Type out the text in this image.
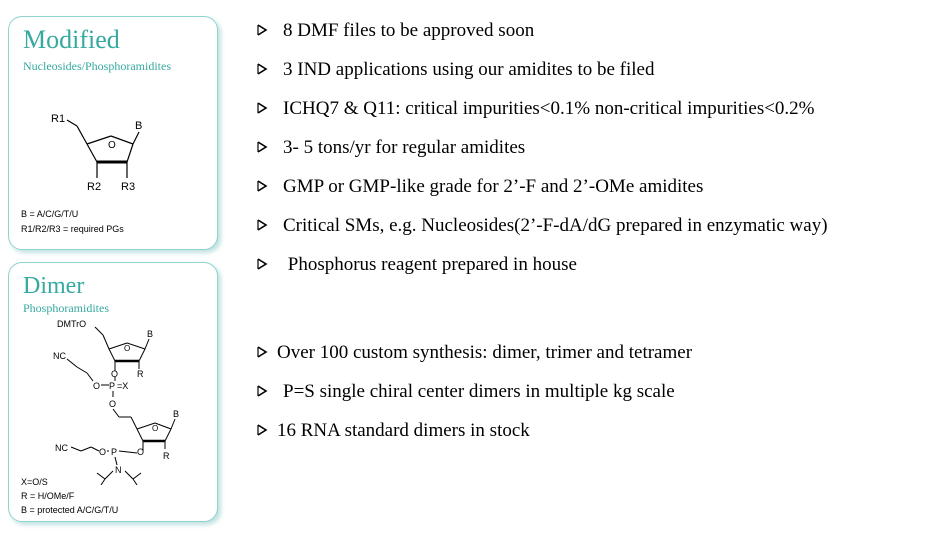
Modified
Nucleosides/Phosphoramidites
R1
B
O
R2 R3
B = A/C/G/T/U
R1/R2/R3 = required PGs
Dimer
Phosphoramidites
DMTrO
B
O
NC
R
O
O P =X
O
B
O
R
NC	O P O
N
X=O/S
R = H/OMe/F
B = protected A/C/G/T/U
8 DMF files to be approved soon
3 IND applications using our amidites to be filed
ICHQ7 & Q11: critical impurities<0.1% non-critical impurities<0.2%
3- 5 tons/yr for regular amidites
GMP or GMP-like grade for 2’-F and 2’-OMe amidites
Critical SMs, e.g. Nucleosides(2’-F-dA/dG prepared in enzymatic way)
Phosphorus reagent prepared in house
Over 100 custom synthesis: dimer, trimer and tetramer
P=S single chiral center dimers in multiple kg scale
16 RNA standard dimers in stock
